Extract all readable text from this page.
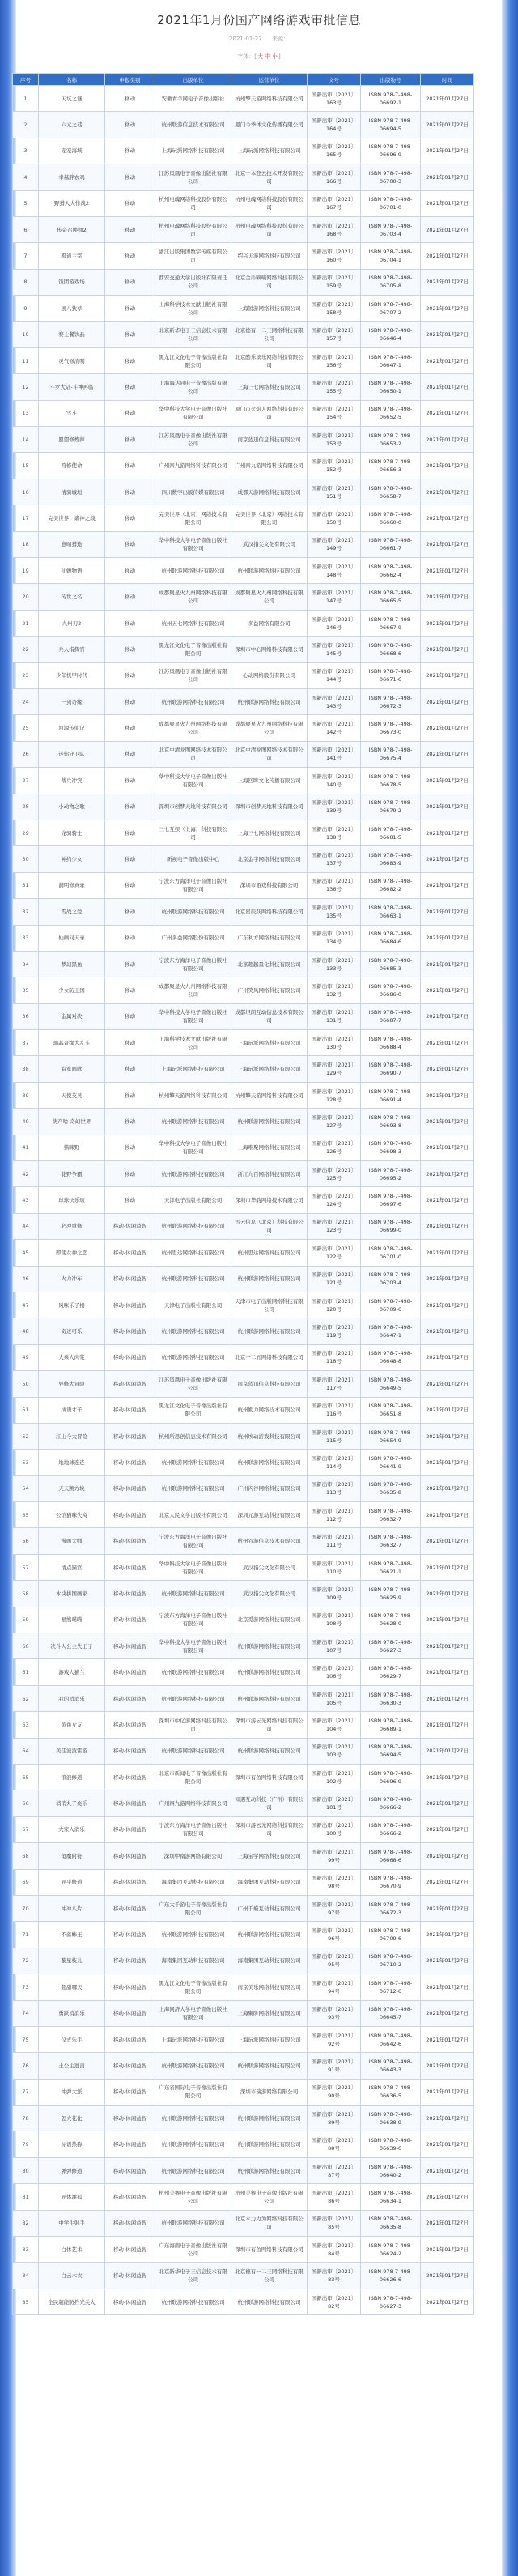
2021年1月份国产网络游戏审批信息
2021-01-27 来源：
字体：[大 中 小]
序号	名称	申报类别	出版单位	运营单位	文号	出版物号	时间
1	天坑之谜	移动	安徽青羊网电子音像出版社	杭州擎天游网络科技有限公司	国新出审〔2021〕163号	ISBN 978-7-498-06692-1	2021年01月27日
2	六元之巷	移动	杭州联游信息技术有限公司	厦门今季体文化传播有限公司	国新出审〔2021〕164号	ISBN 978-7-498-06694-5	2021年01月27日
3	宠宠海域	移动	上海玩派网络科技有限公司	上海玩派网络科技有限公司	国新出审〔2021〕165号	ISBN 978-7-498-06696-9	2021年01月27日
4	幸基胖农鸡	移动	江苏凤凰电子音像出版社有限公司	北京十本登云技术开发有限公司	国新出审〔2021〕166号	ISBN 978-7-498-06700-3	2021年01月27日
5	野猎人大作战2	移动	杭州电魂网络科技股份有限公司	杭州电魂网络科技股份有限公司	国新出审〔2021〕167号	ISBN 978-7-498-06701-0	2021年01月27日
6	传奇召唤师2	移动	杭州电魂网络科技股份有限公司	杭州电魂网络科技股份有限公司	国新出审〔2021〕168号	ISBN 978-7-498-06703-4	2021年01月27日
7	极道主宰	移动	浙江出版集团数字传媒有限公司	绍兴天游网络科技有限公司	国新出审〔2021〕160号	ISBN 978-7-498-06704-1	2021年01月27日
8	饭团游戏场	移动	西安交通大学出版社有限责任公司	北京金币嘀嘀网络科技有限公司	国新出审〔2021〕159号	ISBN 978-7-498-06705-8	2021年01月27日
9	展八狄草	移动	上海科学技术文献出版社有限公司	上海锐游网络科技有限公司	国新出审〔2021〕158号	ISBN 978-7-498-06707-2	2021年01月27日
10	赛士餐饮品	移动	北京新华电子三信息技术有限公司	北京德有一二三网络科技有限公司	国新出审〔2021〕157号	ISBN 978-7-498-06646-4	2021年01月27日
11	灵气修清明	移动	黑龙江文化电子音像出版社有限公司	北京酷乐滨乐网络科技有限公司	国新出审〔2021〕156号	ISBN 978-7-498-06647-1	2021年01月27日
12	斗罗大陆-斗神再临	移动	上海海达同电子音像出版有限公司	上海三七网络科技有限公司	国新出审〔2021〕155号	ISBN 978-7-498-06650-1	2021年01月27日
13	雪斗	移动	华中科技大学电子音像出版社有限公司	厦门市火焰人网络科技有限公司	国新出审〔2021〕154号	ISBN 978-7-498-06652-5	2021年01月27日
14	愿望修炼师	移动	江苏凤凰电子音像出版社有限公司	南京蓝迅信息科技有限公司	国新出审〔2021〕153号	ISBN 978-7-498-06653-2	2021年01月27日
15	符修使命	移动	广州四九游网络科技有限公司	广州四九游网络科技有限公司	国新出审〔2021〕152号	ISBN 978-7-498-06656-3	2021年01月27日
16	清骑城垣	移动	四川数字出版传媒有限公司	成都天游网络科技有限公司	国新出审〔2021〕151号	ISBN 978-7-498-06658-7	2021年01月27日
17	完美世界：诸神之战	移动	完美世界（北京）网络技术有限公司	完美世界（北京）网络技术有限公司	国新出审〔2021〕150号	ISBN 978-7-498-06660-0	2021年01月27日
18	意晴猎途	移动	华中科技大学电子音像出版社有限公司	武汉指尖文化有限公司	国新出审〔2021〕149号	ISBN 978-7-498-06661-7	2021年01月27日
19	仙蝉物语	移动	杭州联游网络科技有限公司	杭州联游网络科技有限公司	国新出审〔2021〕148号	ISBN 978-7-498-06662-4	2021年01月27日
20	传世之名	移动	成都聚星火九州网络科技有限公司	成都聚星火九州网络科技有限公司	国新出审〔2021〕147号	ISBN 978-7-498-06665-5	2021年01月27日
21	九州刃2	移动	杭州五七网络科技有限公司	多益网络有限公司	国新出审〔2021〕146号	ISBN 978-7-498-06667-9	2021年01月27日
22	兵人指挥官	移动	黑龙江文化电子音像出版社有限公司	深圳市中心网络科技有限公司	国新出审〔2021〕145号	ISBN 978-7-498-06668-6	2021年01月27日
23	少年机甲时代	移动	江苏凤凰电子音像出版社有限公司	心动网络股份有限公司	国新出审〔2021〕144号	ISBN 978-7-498-06671-6	2021年01月27日
24	一剑奇缘	移动	杭州联游网络科技有限公司	杭州联游网络科技有限公司	国新出审〔2021〕143号	ISBN 978-7-498-06672-3	2021年01月27日
25	河源传仙记	移动	成都聚星火九州网络科技有限公司	成都聚星火九州网络科技有限公司	国新出审〔2021〕142号	ISBN 978-7-498-06673-0	2021年01月27日
26	迷你守卫队	移动	北京中清龙图网络技术有限公司	北京中清龙图网络技术有限公司	国新出审〔2021〕141号	ISBN 978-7-498-06675-4	2021年01月27日
27	战兵冲突	移动	华中科技大学电子音像出版社有限公司	上海回眸文化传播有限公司	国新出审〔2021〕140号	ISBN 978-7-498-06678-5	2021年01月27日
28	小动物之歌	移动	深圳市创梦天地科技有限公司	深圳市创梦天地科技有限公司	国新出审〔2021〕139号	ISBN 978-7-498-06679-2	2021年01月27日
29	龙骑骑士	移动	三七互娱（上海）科技有限公司	上海三七网络科技有限公司	国新出审〔2021〕138号	ISBN 978-7-498-06681-5	2021年01月27日
30	神约少女	移动	新视电子音像出版中心	北京金宇网络科技有限公司	国新出审〔2021〕137号	ISBN 978-7-498-06683-9	2021年01月27日
31	洞明修真录	移动	宁波东方海洋电子音像出版社有限公司	深圳市游戏科技有限公司	国新出审〔2021〕136号	ISBN 978-7-498-06682-2	2021年01月27日
32	雪战之爱	移动	杭州联游网络科技有限公司	北京星辰跃网络科技有限公司	国新出审〔2021〕135号	ISBN 978-7-498-06663-1	2021年01月27日
33	仙画问天录	移动	广州多益网络股份有限公司	广东利方网络科技有限公司	国新出审〔2021〕134号	ISBN 978-7-498-06684-6	2021年01月27日
34	梦幻黑鱼	移动	宁波东方海洋电子音像出版社有限公司	北京超越量化科技有限公司	国新出审〔2021〕133号	ISBN 978-7-498-06685-3	2021年01月27日
35	少女防王国	移动	成都聚星火九州网络科技有限公司	广州笑风网络科技有限公司	国新出审〔2021〕132号	ISBN 978-7-498-06686-0	2021年01月27日
36	金属对决	移动	华中科技大学电子音像出版社有限公司	成都坦朗互动信息技术有限公司	国新出审〔2021〕131号	ISBN 978-7-498-06687-7	2021年01月27日
37	璃晶奇缘大乱斗	移动	上海科学技术文献出版社有限公司	上海玩派网络科技有限公司	国新出审〔2021〕130号	ISBN 978-7-498-06688-4	2021年01月27日
38	寂寞画歌	移动	上海玩派网络科技有限公司	上海玩派网络科技有限公司	国新出审〔2021〕129号	ISBN 978-7-498-06690-7	2021年01月27日
39	天使英灵	移动	杭州擎天游网络科技有限公司	杭州擎天游网络科技有限公司	国新出审〔2021〕128号	ISBN 978-7-498-06691-4	2021年01月27日
40	萌产啥-奇幻世界	移动	杭州联游网络科技有限公司	杭州联游网络科技有限公司	国新出审〔2021〕127号	ISBN 978-7-498-06693-8	2021年01月27日
41	猫咪野	移动	华中科技大学电子音像出版社有限公司	上海唯聚网络科技有限公司	国新出审〔2021〕126号	ISBN 978-7-498-06698-3	2021年01月27日
42	花野争霸	移动	杭州联游网络科技有限公司	浙江九百网络科技有限公司	国新出审〔2021〕125号	ISBN 978-7-498-06695-2	2021年01月27日
43	球球快乐颂	移动	天津电子出版社有限公司	深圳市华韵网络技术有限公司	国新出审〔2021〕124号	ISBN 978-7-498-06697-6	2021年01月27日
44	必冲重修	移动-休闲益智	杭州联游网络科技有限公司	雪云信息（北京）科技有限公司	国新出审〔2021〕123号	ISBN 978-7-498-06699-0	2021年01月27日
45	即使女神之恋	移动-休闲益智	杭州思达网络科技有限公司	杭州思达网络科技有限公司	国新出审〔2021〕122号	ISBN 978-7-498-06701-0	2021年01月27日
46	火力冲车	移动-休闲益智	杭州联游网络科技有限公司	杭州联游网络科技有限公司	国新出审〔2021〕121号	ISBN 978-7-498-06703-4	2021年01月27日
47	风味乐子楼	移动-休闲益智	天津电子出版社有限公司	天津市电子出版网络科技有限公司	国新出审〔2021〕120号	ISBN 978-7-498-06709-6	2021年01月27日
48	奇迹可乐	移动-休闲益智	杭州联游网络科技有限公司	杭州联游网络科技有限公司	国新出审〔2021〕119号	ISBN 978-7-498-06647-1	2021年01月27日
49	大乘人肉浆	移动-休闲益智	杭州联游网络科技有限公司	北京一二五网络科技有限公司	国新出审〔2021〕118号	ISBN 978-7-498-06648-8	2021年01月27日
50	异修大冒险	移动-休闲益智	江苏凤凰电子音像出版社有限公司	南京蓝迅信息科技有限公司	国新出审〔2021〕117号	ISBN 978-7-498-06649-5	2021年01月27日
51	成语才子	移动-休闲益智	黑龙江文化电子音像出版社有限公司	杭州勤力网络技术有限公司	国新出审〔2021〕116号	ISBN 978-7-498-06651-8	2021年01月27日
52	江山今大冒险	移动-休闲益智	杭州所思创信息技术有限公司	杭州埃动游戏科技有限公司	国新出审〔2021〕115号	ISBN 978-7-498-06654-9	2021年01月27日
53	地地球连连	移动-休闲益智	杭州联游网络科技有限公司	杭州联游网络科技有限公司	国新出审〔2021〕114号	ISBN 978-7-498-06641-9	2021年01月27日
54	天天跳方块	移动-休闲益智	杭州联游网络科技有限公司	广州闪谷网络科技有限公司	国新出审〔2021〕113号	ISBN 978-7-498-06635-8	2021年01月27日
55	公馆猫咪失窝	移动-休闲益智	北京人民文学出版社有限公司	深圳元游互动科技有限公司	国新出审〔2021〕112号	ISBN 978-7-498-06632-7	2021年01月27日
56	漫画大师	移动-休闲益智	宁波东方海洋电子音像出版社有限公司	杭州谷游信息技术有限公司	国新出审〔2021〕111号	ISBN 978-7-498-06632-7	2021年01月27日
57	清点猫宫	移动-休闲益智	华中科技大学电子音像出版社有限公司	武汉指尖文化有限公司	国新出审〔2021〕110号	ISBN 978-7-498-06621-1	2021年01月27日
58	木块拼图画家	移动-休闲益智	杭州联游网络科技有限公司	武汉指尖文化有限公司	国新出审〔2021〕109号	ISBN 978-7-498-06625-9	2021年01月27日
59	星熊喵喵	移动-休闲益智	宁波东方海洋电子音像出版社有限公司	北京觅游网络科技有限公司	国新出审〔2021〕108号	ISBN 978-7-498-06628-0	2021年01月27日
60	决斗人公主失王子	移动-休闲益智	华中科技大学电子音像出版社有限公司	杭州联游网络科技有限公司	国新出审〔2021〕107号	ISBN 978-7-498-06627-3	2021年01月27日
61	游戏人猫兰	移动-休闲益智	杭州联游网络科技有限公司	杭州联游网络科技有限公司	国新出审〔2021〕106号	ISBN 978-7-498-06629-7	2021年01月27日
62	我的消消乐	移动-休闲益智	杭州联游网络科技有限公司	杭州联游网络科技有限公司	国新出审〔2021〕105号	ISBN 978-7-498-06630-3	2021年01月27日
63	黄鱼女友	移动-休闲益智	深圳市中亿游网络科技有限公司	深圳市游云光网络科技有限公司	国新出审〔2021〕104号	ISBN 978-7-498-06689-1	2021年01月27日
64	美佳波波雷游	移动-休闲益智	杭州联游网络科技有限公司	杭州联游网络科技有限公司	国新出审〔2021〕103号	ISBN 978-7-498-06694-5	2021年01月27日
65	浪浪修道	移动-休闲益智	北京市新闻电子音像出版社有限公司	深圳市有鱼网络科技有限公司	国新出审〔2021〕102号	ISBN 978-7-498-06696-9	2021年01月27日
66	消消丸子兆乐	移动-休闲益智	广州四九游网络科技有限公司	知遇互动科技（广州）有限公司	国新出审〔2021〕101号	ISBN 978-7-498-06666-2	2021年01月27日
67	大家人消乐	移动-休闲益智	宁波东方海洋电子音像出版社有限公司	深圳市游云光网络科技有限公司	国新出审〔2021〕100号	ISBN 978-7-498-06666-2	2021年01月27日
68	龟魔附符	移动-休闲益智	深圳中南游网络有限公司	上海宝学网络科技有限公司	国新出审〔2021〕99号	ISBN 978-7-498-06668-6	2021年01月27日
69	异乎修道	移动-休闲益智	海南集团互动科技有限公司	海南集团互动科技有限公司	国新出审〔2021〕98号	ISBN 978-7-498-06670-9	2021年01月27日
70	冲冲八片	移动-休闲益智	广东大千游电子音像出版社有限公司	广州千巅互动科技有限公司	国新出审〔2021〕97号	ISBN 978-7-498-06672-3	2021年01月27日
71	不落蛛王	移动-休闲益智	杭州联游网络科技有限公司	杭州联游网络科技有限公司	国新出审〔2021〕96号	ISBN 978-7-498-06709-6	2021年01月27日
72	黎星枝儿	移动-休闲益智	海南集团互动科技有限公司	海南集团互动科技有限公司	国新出审〔2021〕95号	ISBN 978-7-498-06710-2	2021年01月27日
73	超甜哪天	移动-休闲益智	黑龙江文化电子音像出版社有限公司	南京美乐网络科技有限公司	国新出审〔2021〕94号	ISBN 978-7-498-06712-6	2021年01月27日
74	勇跃消消乐	移动-休闲益智	上海同济大学电子音像出版社有限公司	上海聚阶网络科技有限公司	国新出审〔2021〕93号	ISBN 978-7-498-06645-7	2021年01月27日
75	仪式乐手	移动-休闲益智	上海玩派网络科技有限公司	上海玩派网络科技有限公司	国新出审〔2021〕92号	ISBN 978-7-498-06642-6	2021年01月27日
76	土公主进消	移动-休闲益智	杭州联游网络科技有限公司	杭州联游网络科技有限公司	国新出审〔2021〕91号	ISBN 978-7-498-06643-3	2021年01月27日
77	冲弹大派	移动-休闲益智	广东省国际电子音像出版社有限公司	深圳市瑞游网络有限公司	国新出审〔2021〕90号	ISBN 978-7-498-06636-5	2021年01月27日
78	怎火花化	移动-休闲益智	杭州联游网络科技有限公司	杭州联游网络科技有限公司	国新出审〔2021〕89号	ISBN 978-7-498-06638-9	2021年01月27日
79	标语热称	移动-休闲益智	杭州联游网络科技有限公司	杭州联游网络科技有限公司	国新出审〔2021〕88号	ISBN 978-7-498-06639-6	2021年01月27日
80	弹弹修道	移动-休闲益智	杭州联游网络科技有限公司	杭州联游网络科技有限公司	国新出审〔2021〕87号	ISBN 978-7-498-06640-2	2021年01月27日
81	异体灌狐	移动-休闲益智	杭州美猴电子音像出版社有限公司	杭州美猴电子音像出版社有限公司	国新出审〔2021〕86号	ISBN 978-7-498-06634-1	2021年01月27日
82	中学生射手	移动-休闲益智	杭州联游网络科技有限公司	北京木力力为网络科技有限公司	国新出审〔2021〕85号	ISBN 978-7-498-06635-8	2021年01月27日
83	白体艺术	移动-休闲益智	广东海南电子音像出版社有限公司	深圳市有鱼网络科技有限公司	国新出审〔2021〕84号	ISBN 978-7-498-06624-2	2021年01月27日
84	白云木衣	移动-休闲益智	北京新华电子三信息技术有限公司	北京德有一二三网络科技有限公司	国新出审〔2021〕83号	ISBN 978-7-498-06626-6	2021年01月27日
85	全民超能防挡光关大	移动-休闲益智	杭州联游网络科技有限公司	杭州联游网络科技有限公司	国新出审〔2021〕82号	ISBN 978-7-498-06627-3	2021年01月27日
